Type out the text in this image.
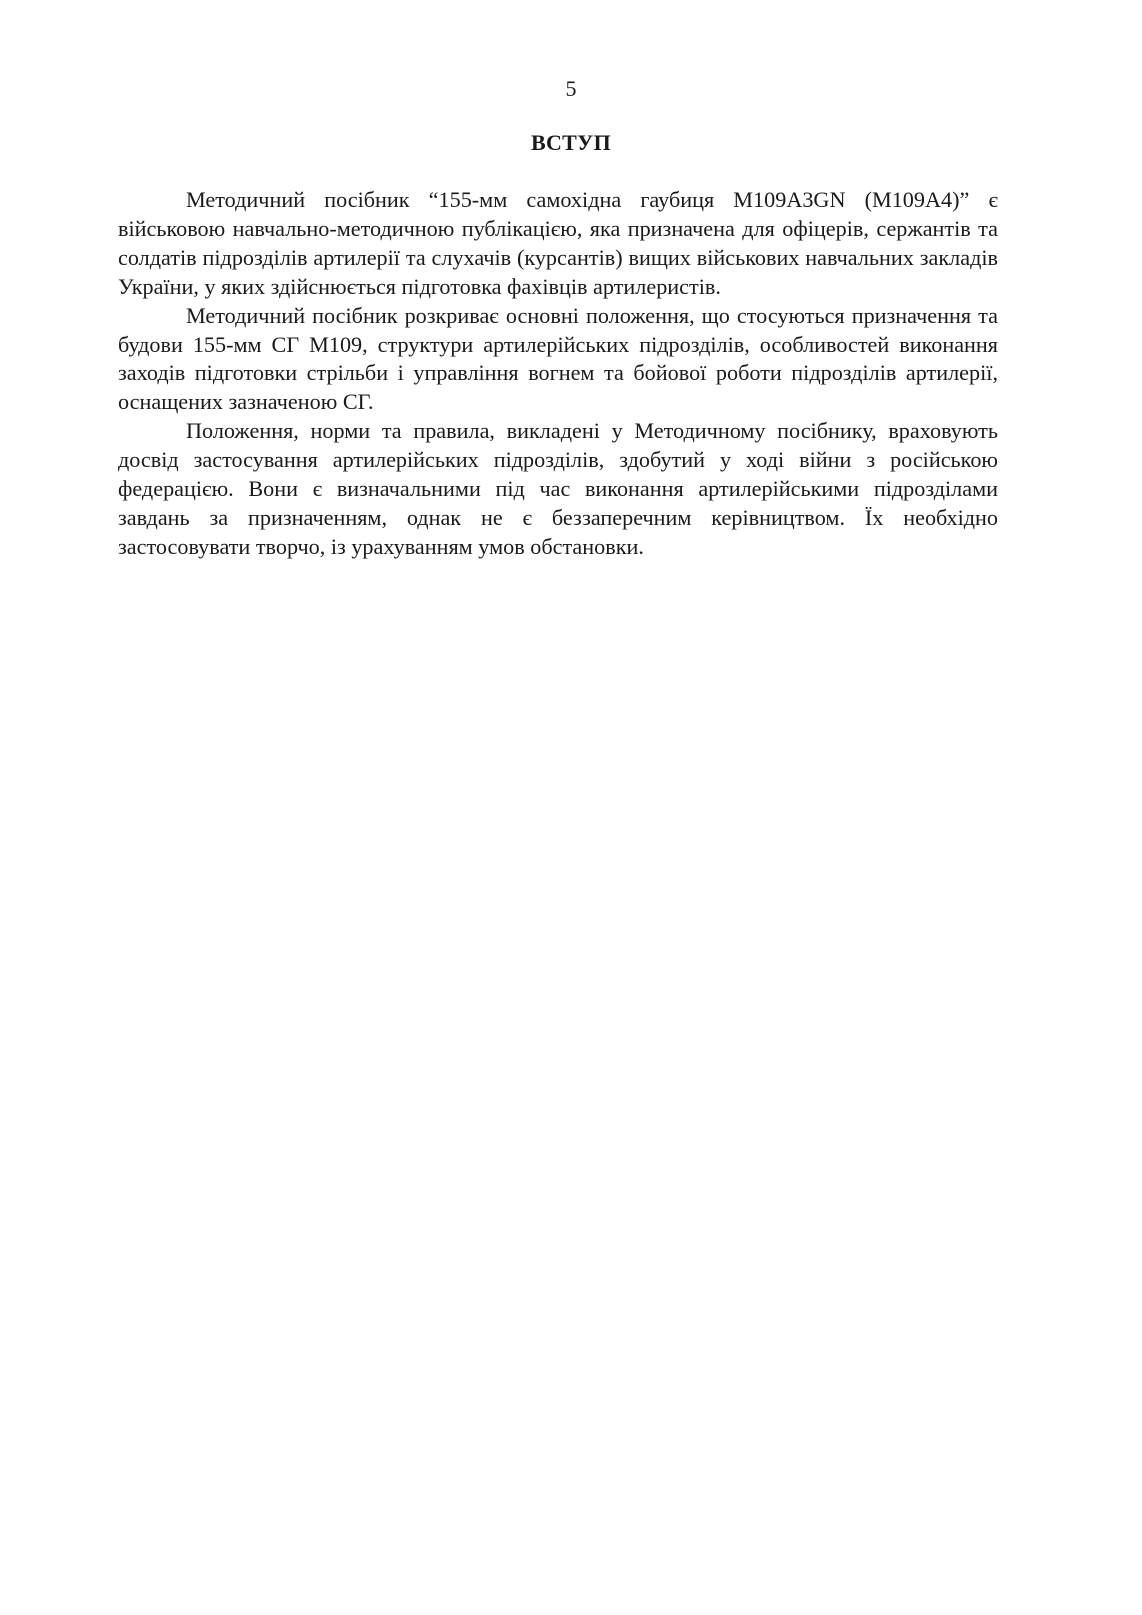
5
ВСТУП

Методичний посібник “155-мм самохідна гаубиця M109A3GN (M109A4)” є військовою навчально-методичною публікацією, яка призначена для офіцерів, сержантів та солдатів підрозділів артилерії та слухачів (курсантів) вищих військових навчальних закладів України, у яких здійснюється підготовка фахівців артилеристів.

Методичний посібник розкриває основні положення, що стосуються призначення та будови 155-мм СГ М109, структури артилерійських підрозділів, особливостей виконання заходів підготовки стрільби і управління вогнем та бойової роботи підрозділів артилерії, оснащених зазначеною СГ.

Положення, норми та правила, викладені у Методичному посібнику, враховують досвід застосування артилерійських підрозділів, здобутий у ході війни з російською федерацією. Вони є визначальними під час виконання артилерійськими підрозділами завдань за призначенням, однак не є беззаперечним керівництвом. Їх необхідно застосовувати творчо, із урахуванням умов обстановки.
